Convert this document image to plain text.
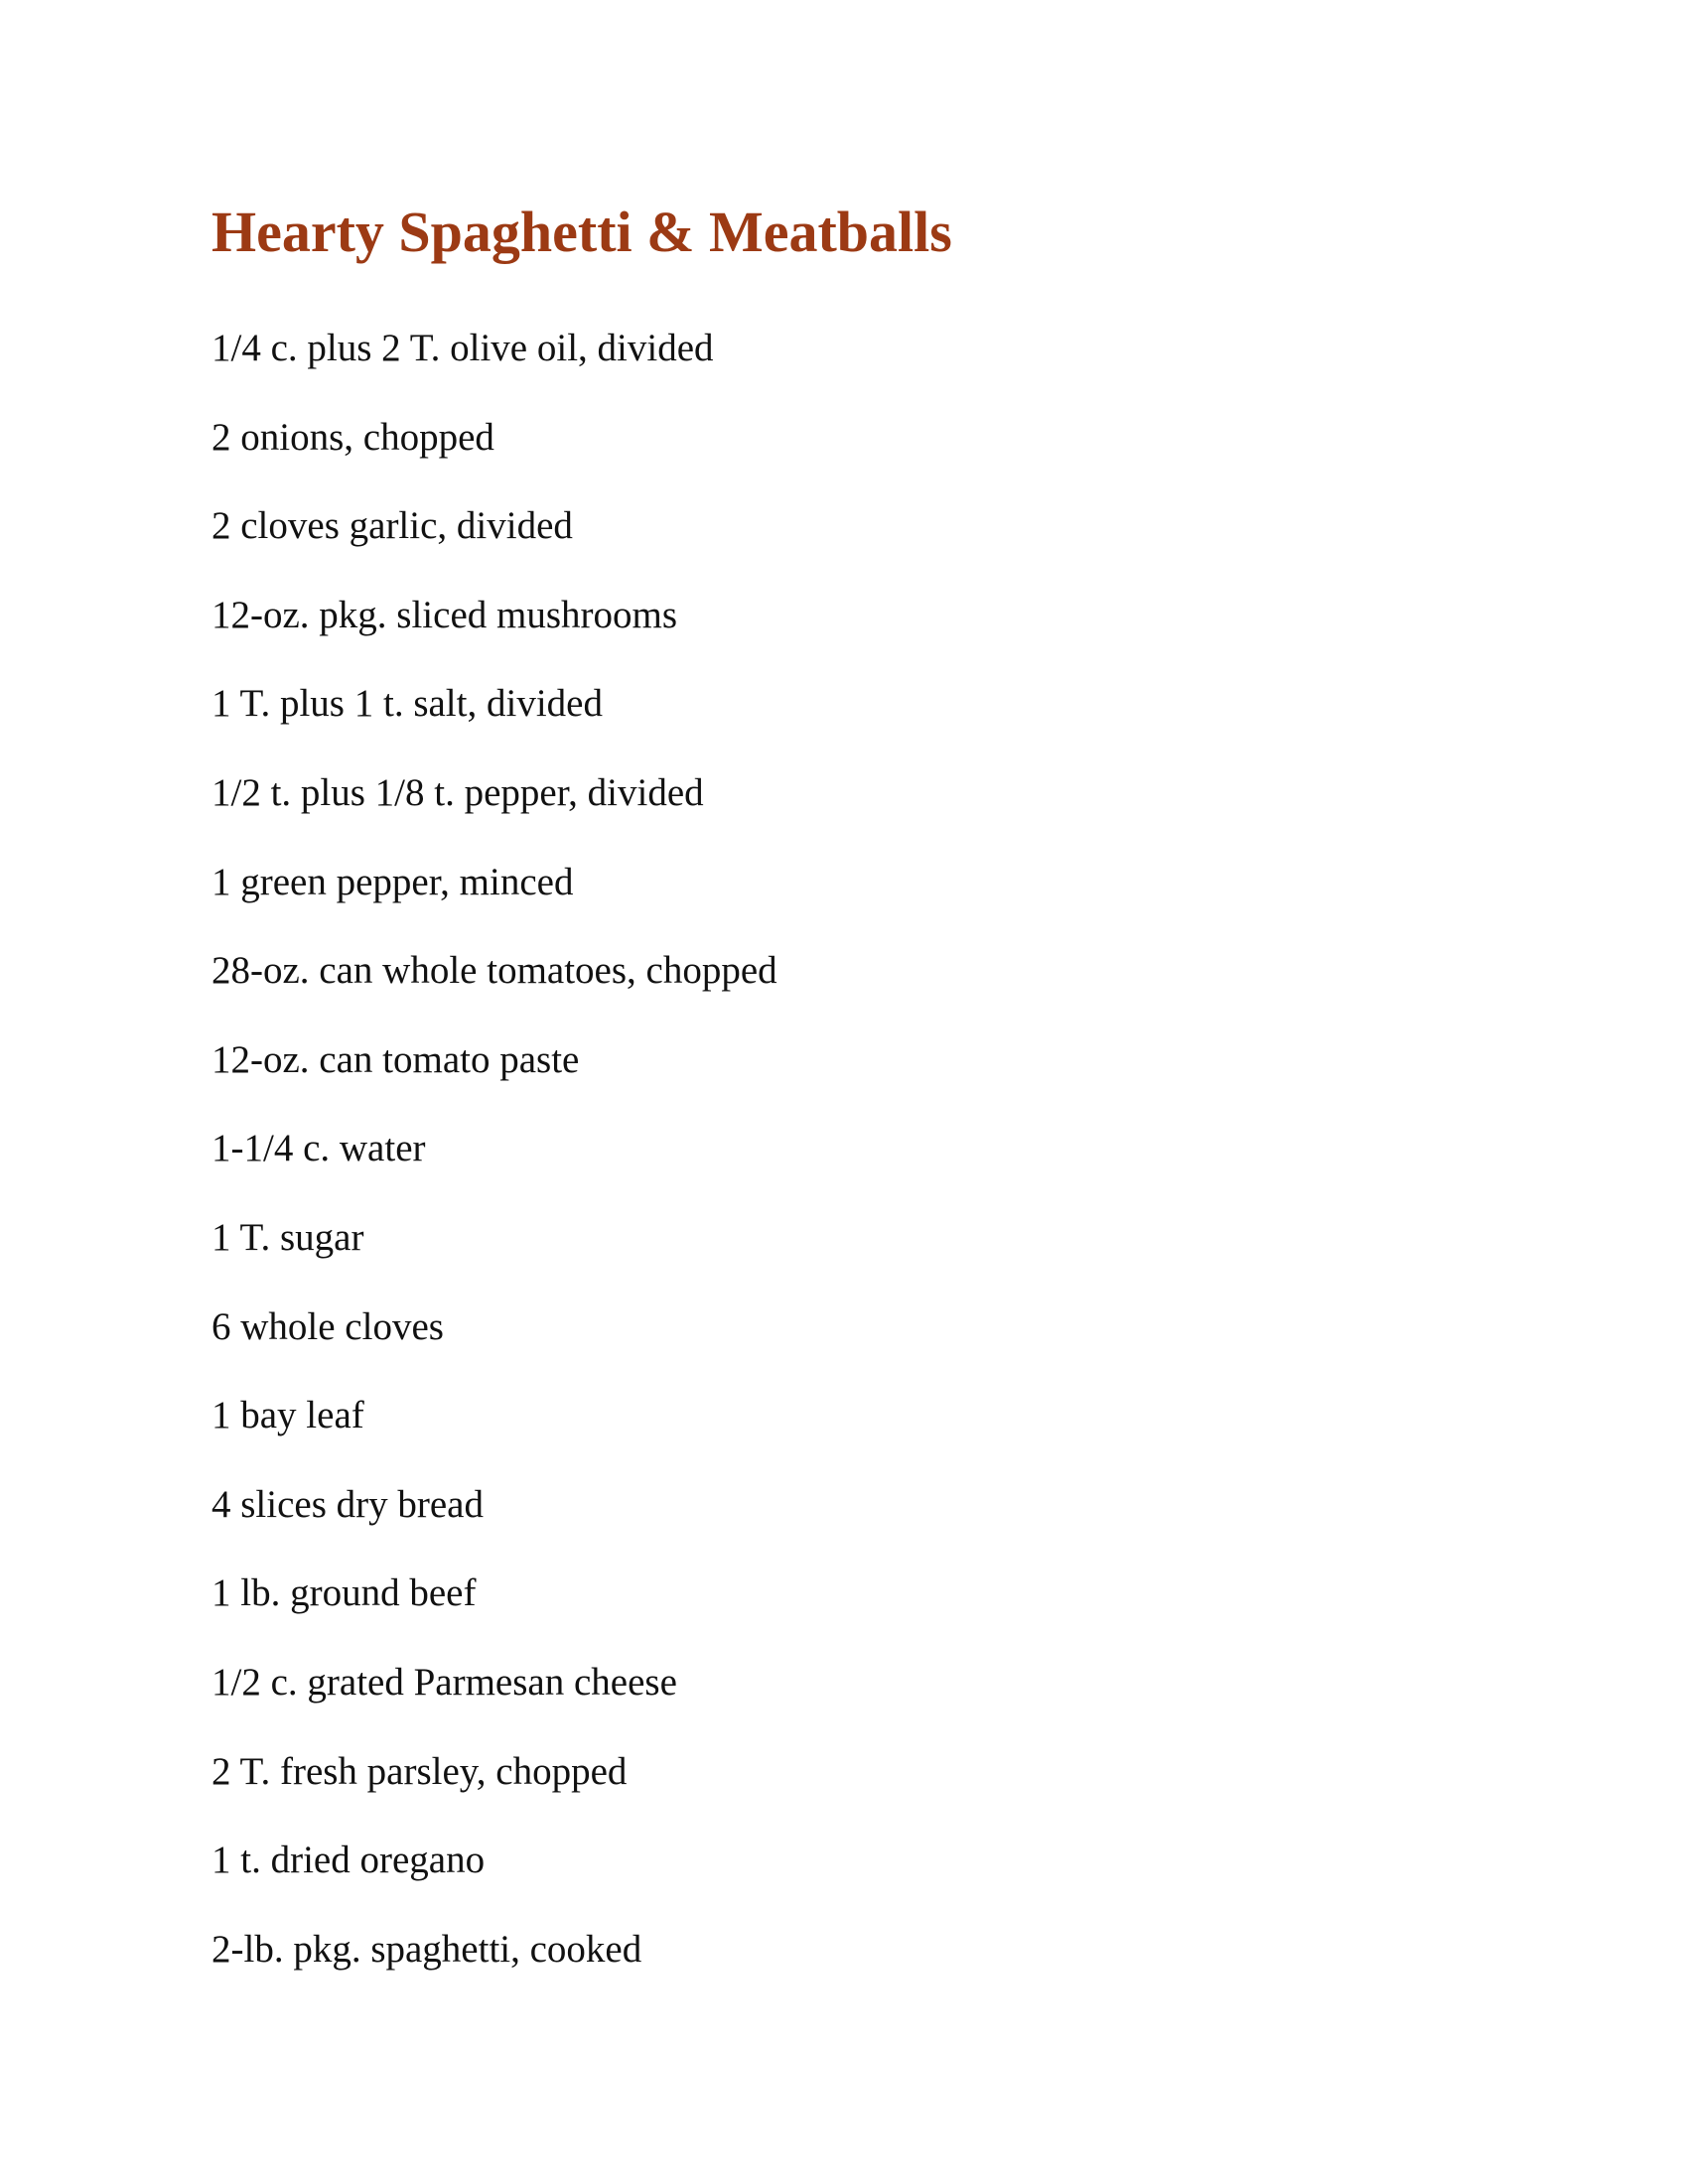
Hearty Spaghetti & Meatballs
1/4 c. plus 2 T. olive oil, divided
2 onions, chopped
2 cloves garlic, divided
12-oz. pkg. sliced mushrooms
1 T. plus 1 t. salt, divided
1/2 t. plus 1/8 t. pepper, divided
1 green pepper, minced
28-oz. can whole tomatoes, chopped
12-oz. can tomato paste
1-1/4 c. water
1 T. sugar
6 whole cloves
1 bay leaf
4 slices dry bread
1 lb. ground beef
1/2 c. grated Parmesan cheese
2 T. fresh parsley, chopped
1 t. dried oregano
2-lb. pkg. spaghetti, cooked
